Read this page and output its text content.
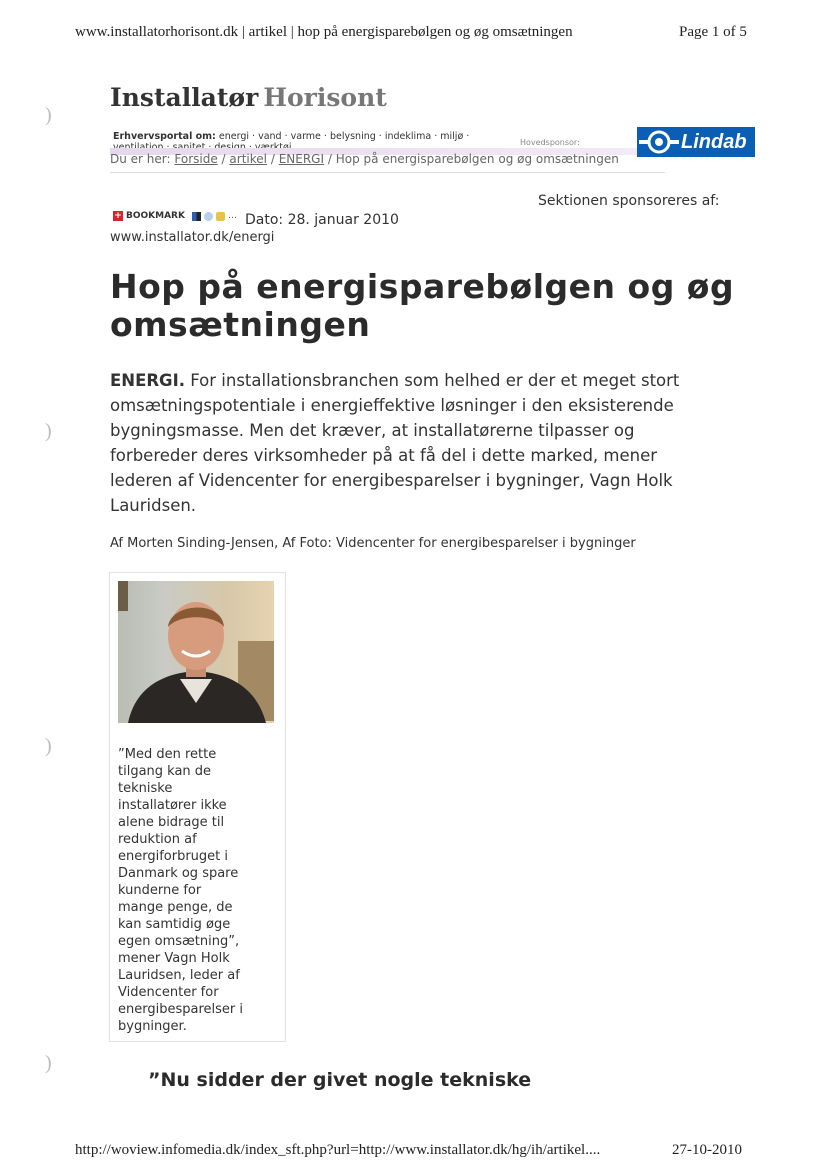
www.installatorhorisont.dk | artikel | hop på energisparebølgen og øg omsætningen	Page 1 of 5
)
)
)
)
Installatør Horisont
Erhvervsportal om: energi · vand · varme · belysning · indeklima · miljø ·

Hovedsponsor:	Lindab
Du er her: Forside / artikel / ENERGI / Hop på energisparebølgen og øg omsætningen
Sektionen sponsoreres af:
+ BOOKMARK	… Dato: 28. januar 2010
www.installator.dk/energi
Hop på energisparebølgen og øg
omsætningen
ENERGI. For installationsbranchen som helhed er der et meget stort
omsætningspotentiale i energieffektive løsninger i den eksisterende
bygningsmasse. Men det kræver, at installatørerne tilpasser og
forbereder deres virksomheder på at få del i dette marked, mener
lederen af Videncenter for energibesparelser i bygninger, Vagn Holk
Lauridsen.
Af Morten Sinding-Jensen, Af Foto: Videncenter for energibesparelser i bygninger
”Med den rette
tilgang kan de
tekniske
installatører ikke
alene bidrage til
reduktion af
energiforbruget i
Danmark og spare
kunderne for
mange penge, de
kan samtidig øge
egen omsætning”,
mener Vagn Holk
Lauridsen, leder af
Videncenter for
energibesparelser i
bygninger.
”Nu sidder der givet nogle tekniske
http://woview.infomedia.dk/index_sft.php?url=http://www.installator.dk/hg/ih/artikel....	27-10-2010
